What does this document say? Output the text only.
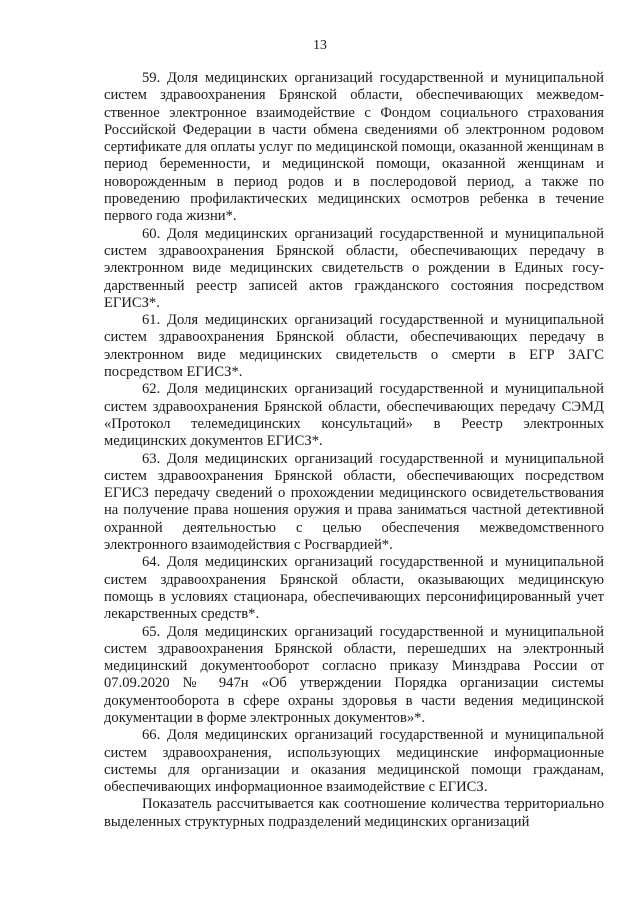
13

59. Доля медицинских организаций государственной и муниципальной систем здравоохранения Брянской области, обеспечивающих межведомственное электронное взаимодействие с Фондом социального страхования Российской Федерации в части обмена сведениями об электронном родовом сертификате для оплаты услуг по медицинской помощи, оказанной женщинам в период беременности, и медицинской помощи, оказанной женщинам и новорожденным в период родов и в послеродовой период, а также по проведению профилактических медицинских осмотров ребенка в течение первого года жизни*.

60. Доля медицинских организаций государственной и муниципальной систем здравоохранения Брянской области, обеспечивающих передачу в электронном виде медицинских свидетельств о рождении в Единых государственный реестр записей актов гражданского состояния посредством ЕГИСЗ*.

61. Доля медицинских организаций государственной и муниципальной систем здравоохранения Брянской области, обеспечивающих передачу в электронном виде медицинских свидетельств о смерти в ЕГР ЗАГС посредством ЕГИСЗ*.

62. Доля медицинских организаций государственной и муниципальной систем здравоохранения Брянской области, обеспечивающих передачу СЭМД «Протокол телемедицинских консультаций» в Реестр электронных медицинских документов ЕГИСЗ*.

63. Доля медицинских организаций государственной и муниципальной систем здравоохранения Брянской области, обеспечивающих посредством ЕГИСЗ передачу сведений о прохождении медицинского освидетельствования на получение права ношения оружия и права заниматься частной детективной охранной деятельностью с целью обеспечения межведомственного электронного взаимодействия с Росгвардией*.

64. Доля медицинских организаций государственной и муниципальной систем здравоохранения Брянской области, оказывающих медицинскую помощь в условиях стационара, обеспечивающих персонифицированный учет лекарственных средств*.

65. Доля медицинских организаций государственной и муниципальной систем здравоохранения Брянской области, перешедших на электронный медицинский документооборот согласно приказу Минздрава России от 07.09.2020 № 947н «Об утверждении Порядка организации системы документооборота в сфере охраны здоровья в части ведения медицинской документации в форме электронных документов»*.

66. Доля медицинских организаций государственной и муниципальной систем здравоохранения, использующих медицинские информационные системы для организации и оказания медицинской помощи гражданам, обеспечивающих информационное взаимодействие с ЕГИСЗ.

Показатель рассчитывается как соотношение количества территориально выделенных структурных подразделений медицинских организаций
